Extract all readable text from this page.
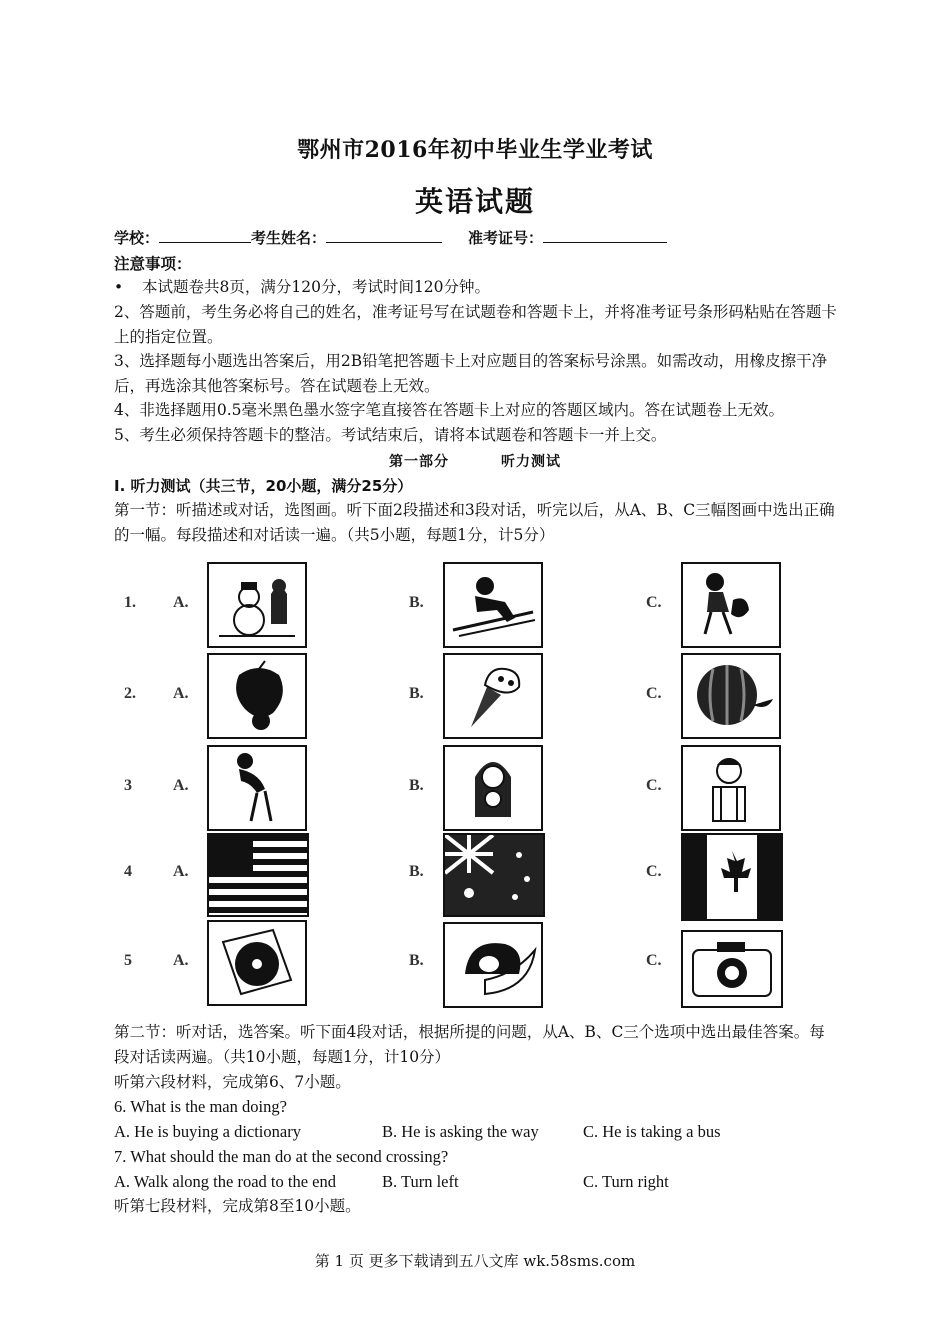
鄂州市2016年初中毕业生学业考试
英语试题
学校：	考生姓名：	准考证号：
注意事项：
• 本试题卷共8页，满分120分，考试时间120分钟。
2、答题前，考生务必将自己的姓名，准考证号写在试题卷和答题卡上，并将准考证号条形码粘贴在答题卡上的指定位置。
3、选择题每小题选出答案后，用2B铅笔把答题卡上对应题目的答案标号涂黑。如需改动，用橡皮擦干净后，再选涂其他答案标号。答在试题卷上无效。
4、非选择题用0.5毫米黑色墨水签字笔直接答在答题卡上对应的答题区域内。答在试题卷上无效。
5、考生必须保持答题卡的整洁。考试结束后，请将本试题卷和答题卡一并上交。
第一部分	听力测试
Ⅰ. 听力测试（共三节，20小题，满分25分）
第一节：听描述或对话，选图画。听下面2段描述和3段对话，听完以后，从A、B、C三幅图画中选出正确的一幅。每段描述和对话读一遍。（共5小题，每题1分，计5分）
1. A.	B.	C.
2. A.	B.	C.
3	A.	B.	C.
4	A.	B.	C.
5	A.	B.	C.
第二节：听对话，选答案。听下面4段对话，根据所提的问题，从A、B、C三个选项中选出最佳答案。每段对话读两遍。（共10小题，每题1分，计10分）
听第六段材料，完成第6、7小题。
6. What is the man doing?
A. He is buying a dictionary	B. He is asking the way	C. He is taking a bus
7. What should the man do at the second crossing?
A. Walk along the road to the end	B. Turn left	C. Turn right
听第七段材料，完成第8至10小题。
第 1 页 更多下载请到五八文库 wk.58sms.com
